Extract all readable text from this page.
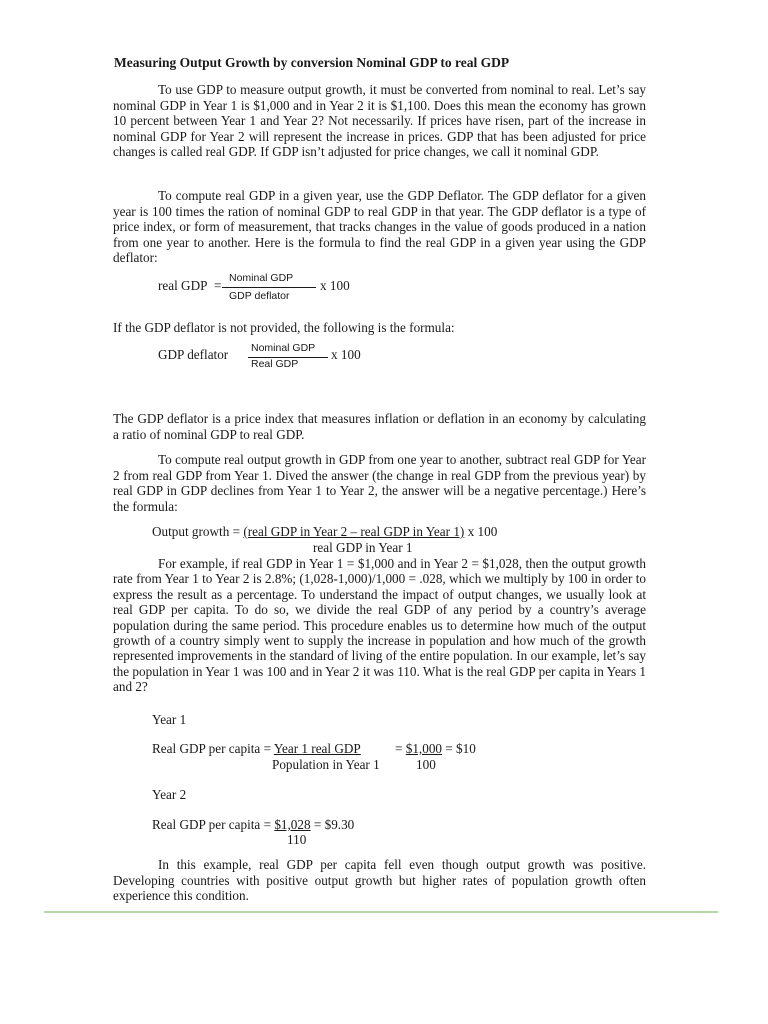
Measuring Output Growth by conversion Nominal GDP to real GDP

To use GDP to measure output growth, it must be converted from nominal to real. Let’s say nominal GDP in Year 1 is $1,000 and in Year 2 it is $1,100. Does this mean the economy has grown 10 percent between Year 1 and Year 2? Not necessarily. If prices have risen, part of the increase in nominal GDP for Year 2 will represent the increase in prices. GDP that has been adjusted for price changes is called real GDP. If GDP isn’t adjusted for price changes, we call it nominal GDP.

To compute real GDP in a given year, use the GDP Deflator. The GDP deflator for a given year is 100 times the ration of nominal GDP to real GDP in that year. The GDP deflator is a type of price index, or form of measurement, that tracks changes in the value of goods produced in a nation from one year to another. Here is the formula to find the real GDP in a given year using the GDP deflator:

real GDP = Nominal GDP
GDP deflator
x 100

If the GDP deflator is not provided, the following is the formula:

GDP deflator Nominal GDP
Real GDP
x 100

The GDP deflator is a price index that measures inflation or deflation in an economy by calculating a ratio of nominal GDP to real GDP.

To compute real output growth in GDP from one year to another, subtract real GDP for Year 2 from real GDP from Year 1. Dived the answer (the change in real GDP from the previous year) by real GDP in GDP declines from Year 1 to Year 2, the answer will be a negative percentage.) Here’s the formula:

Output growth = (real GDP in Year 2 – real GDP in Year 1) x 100
real GDP in Year 1

For example, if real GDP in Year 1 = $1,000 and in Year 2 = $1,028, then the output growth rate from Year 1 to Year 2 is 2.8%; (1,028-1,000)/1,000 = .028, which we multiply by 100 in order to express the result as a percentage. To understand the impact of output changes, we usually look at real GDP per capita. To do so, we divide the real GDP of any period by a country’s average population during the same period. This procedure enables us to determine how much of the output growth of a country simply went to supply the increase in population and how much of the growth represented improvements in the standard of living of the entire population. In our example, let’s say the population in Year 1 was 100 and in Year 2 it was 110. What is the real GDP per capita in Years 1 and 2?

Year 1
Real GDP per capita = Year 1 real GDP	= $1,000 = $10
Population in Year 1	100
Year 2
Real GDP per capita = $1,028 = $9.30
110

In this example, real GDP per capita fell even though output growth was positive. Developing countries with positive output growth but higher rates of population growth often experience this condition.
